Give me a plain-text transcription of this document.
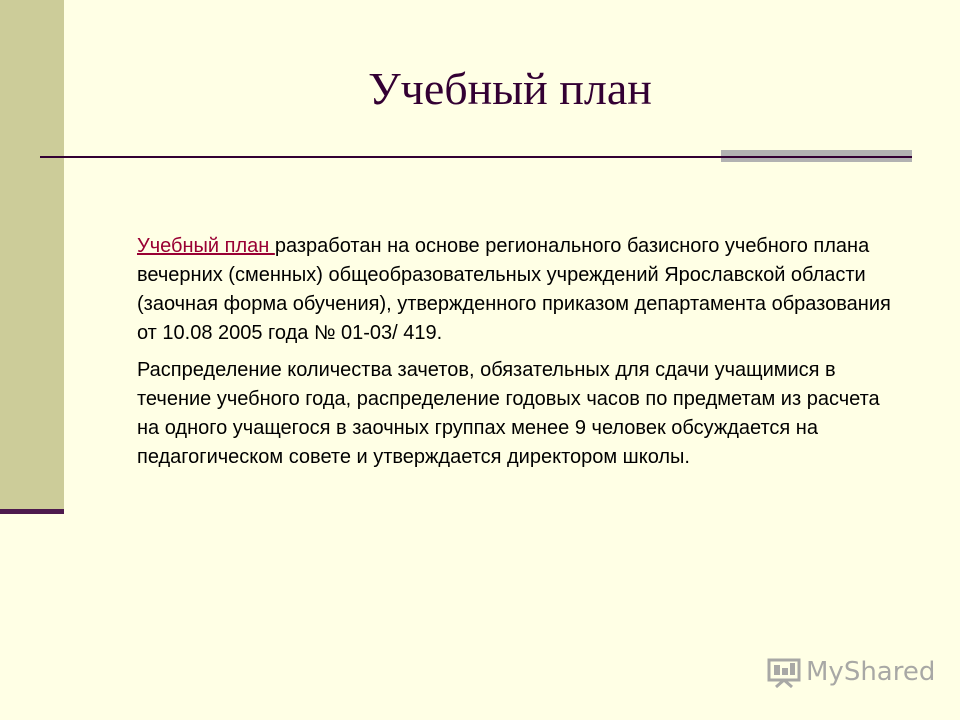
Учебный план

Учебный план разработан на основе регионального базисного учебного плана вечерних (сменных) общеобразовательных учреждений Ярославской области (заочная форма обучения), утвержденного приказом департамента образования от 10.08 2005 года № 01-03/ 419.

Распределение количества зачетов, обязательных для сдачи учащимися в течение учебного года, распределение годовых часов по предметам из расчета на одного учащегося в заочных группах менее 9 человек обсуждается на педагогическом совете и утверждается директором школы.

MyShared
